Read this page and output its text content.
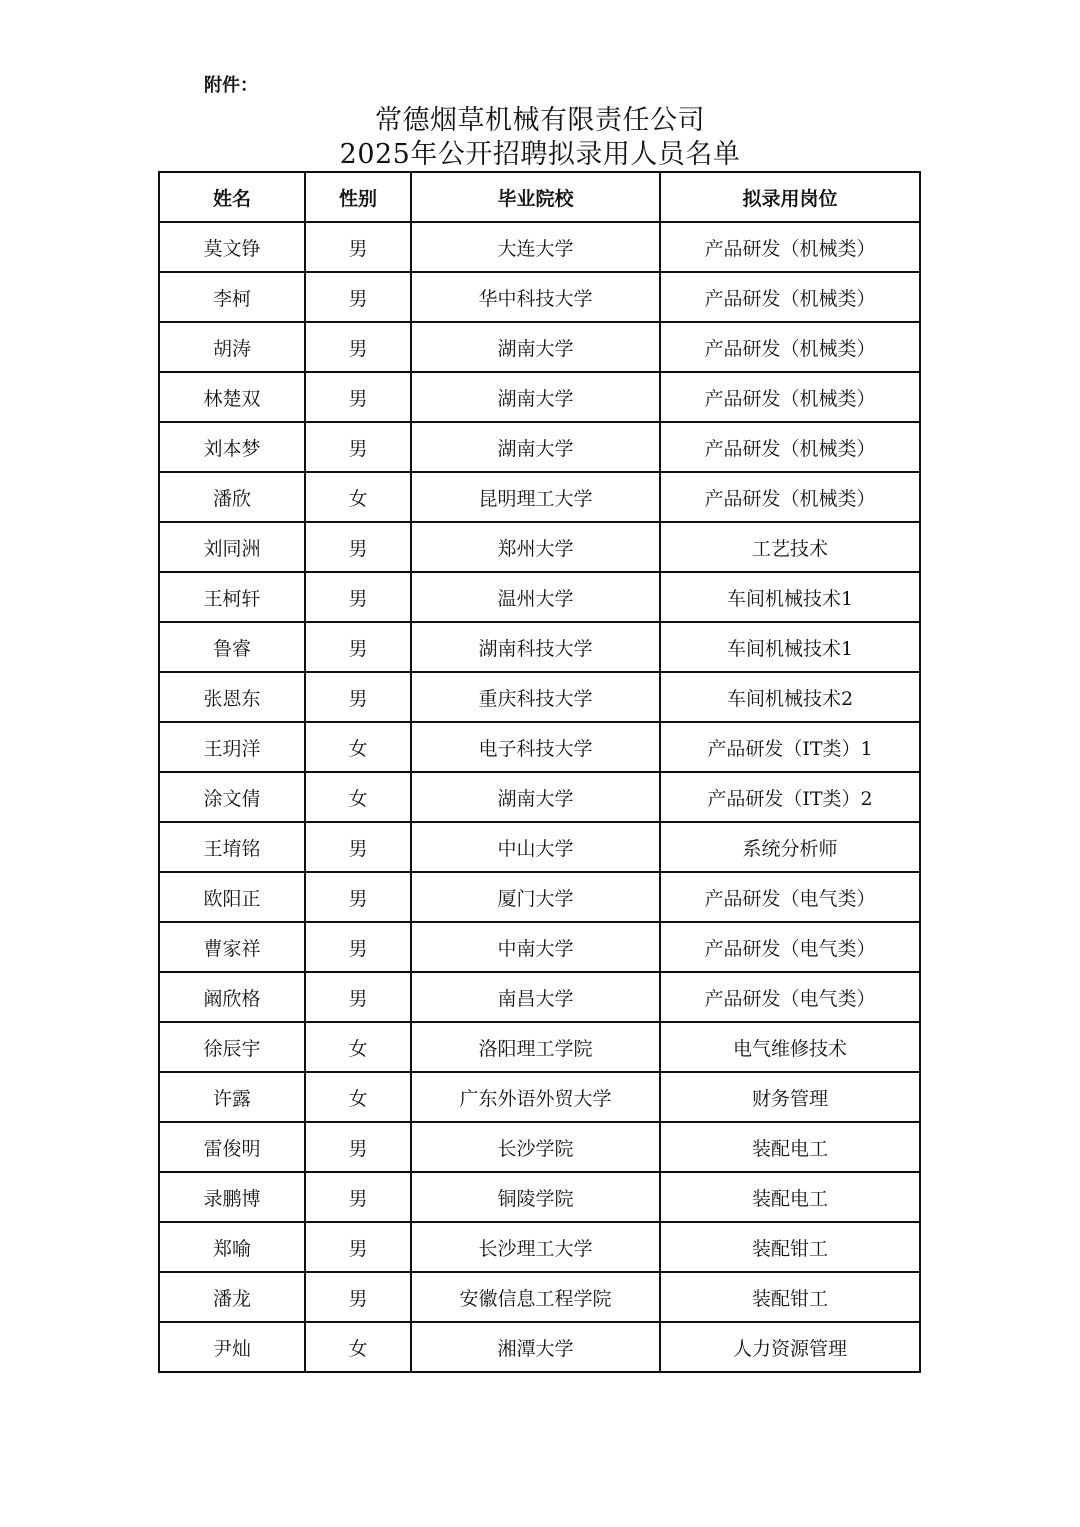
附件：
常德烟草机械有限责任公司
2025年公开招聘拟录用人员名单
姓名	性别	毕业院校	拟录用岗位
莫文铮	男	大连大学	产品研发（机械类）
李柯	男	华中科技大学	产品研发（机械类）
胡涛	男	湖南大学	产品研发（机械类）
林楚双	男	湖南大学	产品研发（机械类）
刘本梦	男	湖南大学	产品研发（机械类）
潘欣	女	昆明理工大学	产品研发（机械类）
刘同洲	男	郑州大学	工艺技术
王柯轩	男	温州大学	车间机械技术1
鲁睿	男	湖南科技大学	车间机械技术1
张恩东	男	重庆科技大学	车间机械技术2
王玥洋	女	电子科技大学	产品研发（IT类）1
涂文倩	女	湖南大学	产品研发（IT类）2
王堉铭	男	中山大学	系统分析师
欧阳正	男	厦门大学	产品研发（电气类）
曹家祥	男	中南大学	产品研发（电气类）
阚欣格	男	南昌大学	产品研发（电气类）
徐辰宇	女	洛阳理工学院	电气维修技术
许露	女	广东外语外贸大学	财务管理
雷俊明	男	长沙学院	装配电工
录鹏博	男	铜陵学院	装配电工
郑喻	男	长沙理工大学	装配钳工
潘龙	男	安徽信息工程学院	装配钳工
尹灿	女	湘潭大学	人力资源管理
